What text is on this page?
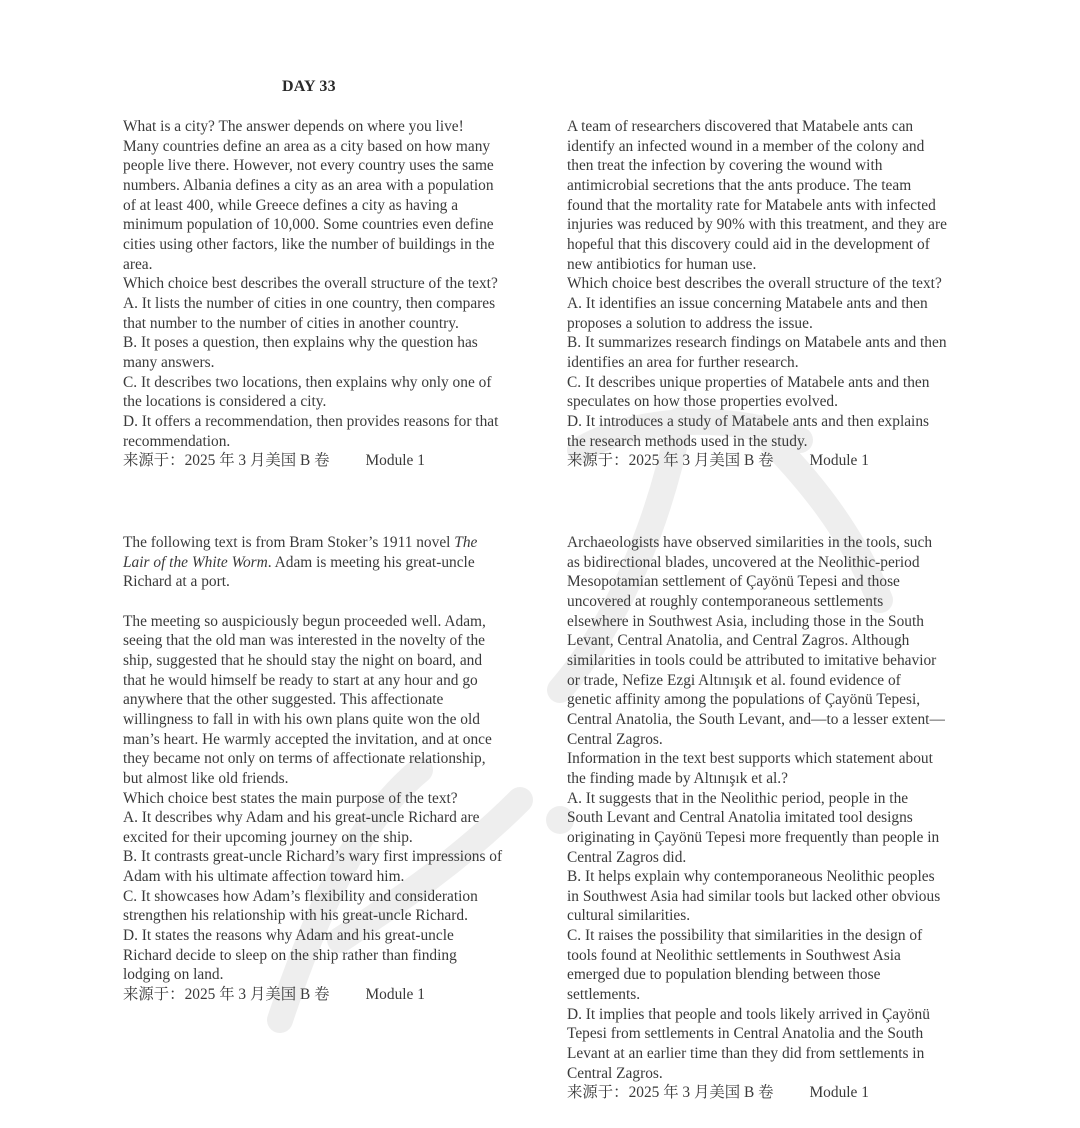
DAY 33

What is a city? The answer depends on where you live! Many countries define an area as a city based on how many people live there. However, not every country uses the same numbers. Albania defines a city as an area with a population of at least 400, while Greece defines a city as having a minimum population of 10,000. Some countries even define cities using other factors, like the number of buildings in the area.

Which choice best describes the overall structure of the text?

A. It lists the number of cities in one country, then compares that number to the number of cities in another country.

B. It poses a question, then explains why the question has many answers.

C. It describes two locations, then explains why only one of the locations is considered a city.

D. It offers a recommendation, then provides reasons for that recommendation.

来源于：2025 年 3 月美国 B 卷 Module 1

A team of researchers discovered that Matabele ants can identify an infected wound in a member of the colony and then treat the infection by covering the wound with antimicrobial secretions that the ants produce. The team found that the mortality rate for Matabele ants with infected injuries was reduced by 90% with this treatment, and they are hopeful that this discovery could aid in the development of new antibiotics for human use.

Which choice best describes the overall structure of the text?

A. It identifies an issue concerning Matabele ants and then proposes a solution to address the issue.

B. It summarizes research findings on Matabele ants and then identifies an area for further research.

C. It describes unique properties of Matabele ants and then speculates on how those properties evolved.

D. It introduces a study of Matabele ants and then explains the research methods used in the study.

来源于：2025 年 3 月美国 B 卷 Module 1

The following text is from Bram Stoker’s 1911 novel The Lair of the White Worm. Adam is meeting his great-uncle Richard at a port.

The meeting so auspiciously begun proceeded well. Adam, seeing that the old man was interested in the novelty of the ship, suggested that he should stay the night on board, and that he would himself be ready to start at any hour and go anywhere that the other suggested. This affectionate willingness to fall in with his own plans quite won the old man’s heart. He warmly accepted the invitation, and at once they became not only on terms of affectionate relationship, but almost like old friends.

Which choice best states the main purpose of the text?

A. It describes why Adam and his great-uncle Richard are excited for their upcoming journey on the ship.

B. It contrasts great-uncle Richard’s wary first impressions of Adam with his ultimate affection toward him.

C. It showcases how Adam’s flexibility and consideration strengthen his relationship with his great-uncle Richard.

D. It states the reasons why Adam and his great-uncle Richard decide to sleep on the ship rather than finding lodging on land.

来源于：2025 年 3 月美国 B 卷 Module 1

Archaeologists have observed similarities in the tools, such as bidirectional blades, uncovered at the Neolithic-period Mesopotamian settlement of Çayönü Tepesi and those uncovered at roughly contemporaneous settlements elsewhere in Southwest Asia, including those in the South Levant, Central Anatolia, and Central Zagros. Although similarities in tools could be attributed to imitative behavior or trade, Nefize Ezgi Altınışık et al. found evidence of genetic affinity among the populations of Çayönü Tepesi, Central Anatolia, the South Levant, and—to a lesser extent—Central Zagros.

Information in the text best supports which statement about the finding made by Altınışık et al.?

A. It suggests that in the Neolithic period, people in the South Levant and Central Anatolia imitated tool designs originating in Çayönü Tepesi more frequently than people in Central Zagros did.

B. It helps explain why contemporaneous Neolithic peoples in Southwest Asia had similar tools but lacked other obvious cultural similarities.

C. It raises the possibility that similarities in the design of tools found at Neolithic settlements in Southwest Asia emerged due to population blending between those settlements.

D. It implies that people and tools likely arrived in Çayönü Tepesi from settlements in Central Anatolia and the South Levant at an earlier time than they did from settlements in Central Zagros.

来源于：2025 年 3 月美国 B 卷 Module 1
